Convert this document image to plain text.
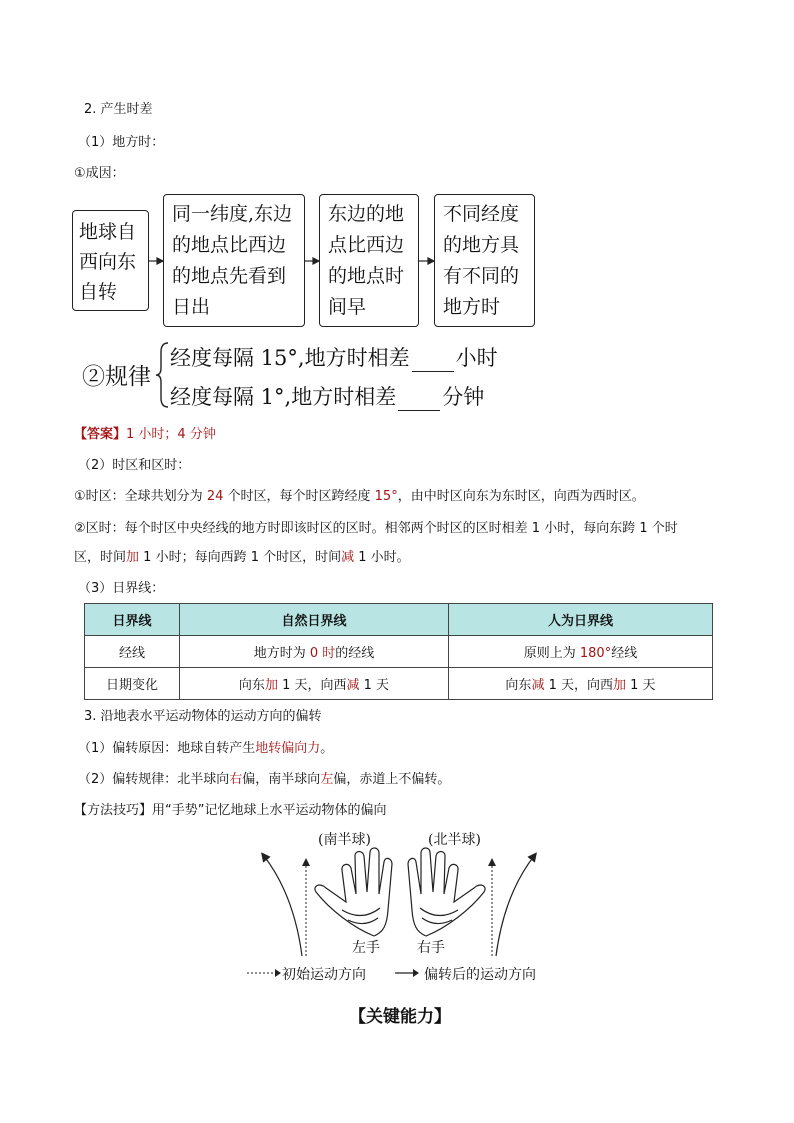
2. 产生时差
（1）地方时：
①成因：
地球自西向东自转
同一纬度,东边的地点比西边的地点先看到日出
东边的地点比西边的地点时间早
不同经度的地方具有不同的地方时
②规律
经度每隔 15°,地方时相差 小时
经度每隔 1°,地方时相差 分钟
【答案】1 小时；4 分钟
（2）时区和区时：
①时区：全球共划分为 24 个时区，每个时区跨经度 15°，由中时区向东为东时区，向西为西时区。
②区时：每个时区中央经线的地方时即该时区的区时。相邻两个时区的区时相差 1 小时，每向东跨 1 个时
区，时间加 1 小时；每向西跨 1 个时区，时间减 1 小时。
（3）日界线：
日界线	自然日界线	人为日界线
经线	地方时为 0 时的经线	原则上为 180°经线
日期变化	向东加 1 天，向西减 1 天	向东减 1 天，向西加 1 天
3. 沿地表水平运动物体的运动方向的偏转
（1）偏转原因：地球自转产生地转偏向力。
（2）偏转规律：北半球向右偏，南半球向左偏，赤道上不偏转。
【方法技巧】用“手势”记忆地球上水平运动物体的偏向
(南半球)	(北半球)
左手	右手
初始运动方向	偏转后的运动方向
【关键能力】
